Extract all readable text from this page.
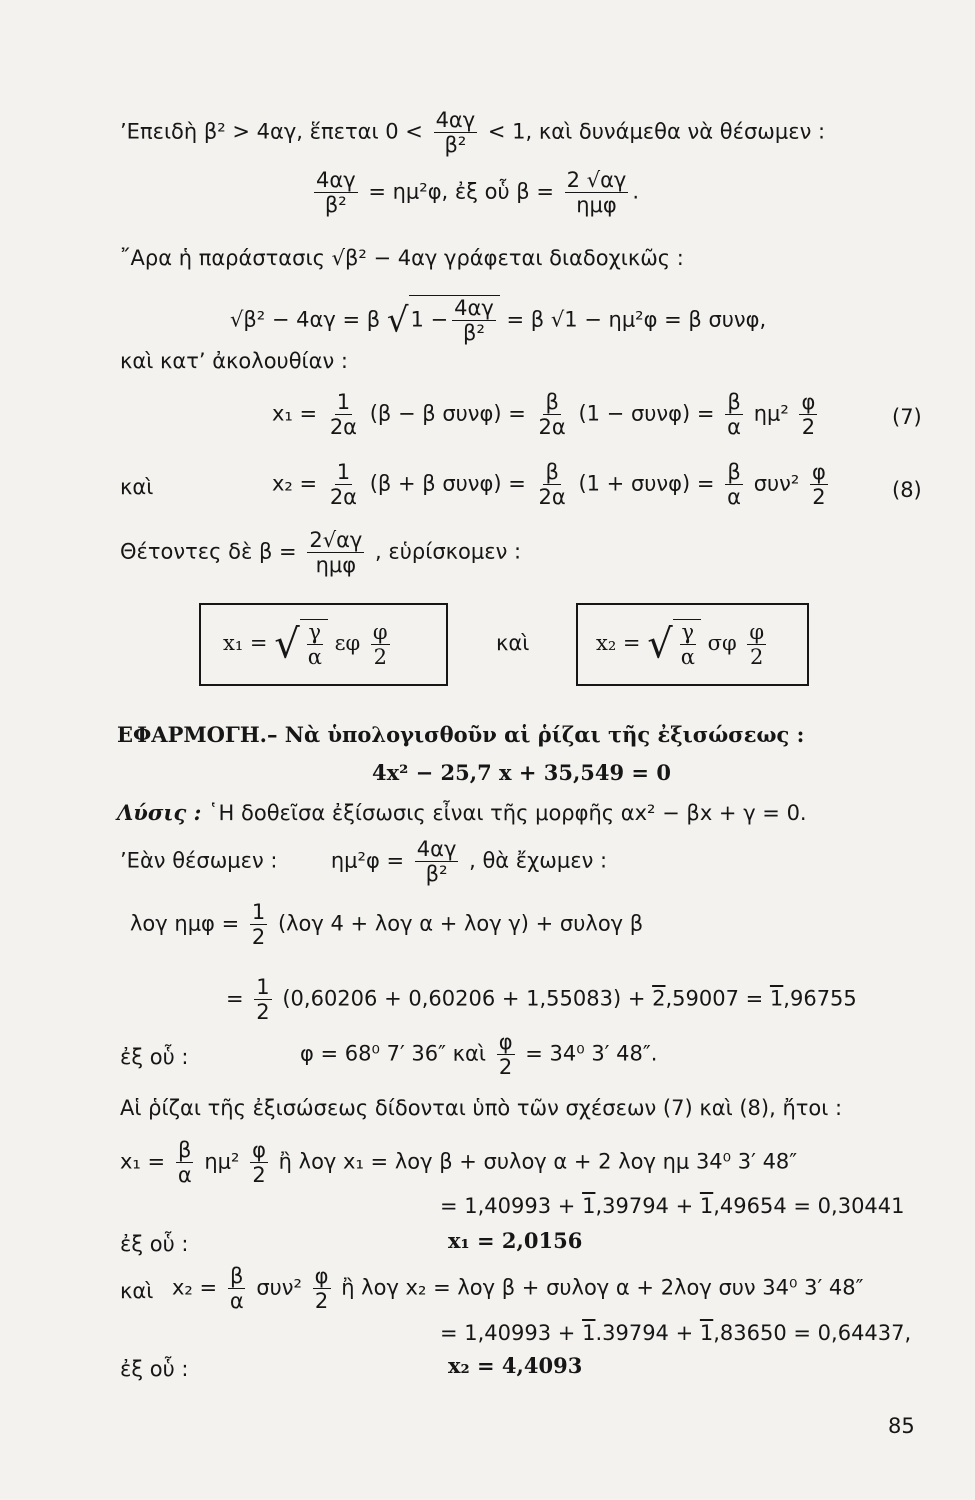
’Επειδὴ β² > 4αγ, ἕπεται $0 < \frac{4\alpha\gamma}{\text{β²}} < 1$, καὶ δυνάμεθα νὰ θέσωμεν :
$\frac{4\alpha\gamma}{\text{β²}} = \eta\mu^2\varphi$, ἐξ οὗ $\beta = \frac{2 √\alpha\gamma}{\text{ημφ}}$ .
῎Αρα ἡ παράστασις √β² − 4αγ γράφεται διαδοχικῶς :
√β² − 4αγ = β $√1 - \frac{4\alpha\gamma}{\text{β²}} = \beta$ √1 − ημ²φ = β συνφ,
καὶ κατ’ ἀκολουθίαν :
$x_1 = \frac{1}{2\alpha} (\beta - \beta$ $\sigma\upsilon\nu\varphi) = \frac{\beta}{2\alpha} (1 - \sigma\upsilon\nu\varphi) = \frac{\beta}{\alpha} \eta\mu^2 \frac{\varphi}{2}$	(7)
καὶ	$x_2 = \frac{1}{2\alpha} (\beta + \beta$ $\sigma\upsilon\nu\varphi) = \frac{\beta}{2\alpha} (1 + \sigma\upsilon\nu\varphi) = \frac{\beta}{\alpha} \sigma\upsilon\nu^2 \frac{\varphi}{2}$	(8)
Θέτοντες δὲ $\beta = \frac{2√\alpha\gamma}{\text{ημφ}}$ , εὑρίσκομεν :
x₁ = √ $\frac{\gamma}{\alpha}$ εφ $\frac{\varphi}{2}$	καὶ	x₂ = √ $\frac{\gamma}{\alpha}$ σφ $\frac{\varphi}{2}$
ΕΦΑΡΜΟΓΗ.– Νὰ ὑπολογισθοῦν αἱ ῥίζαι τῆς ἐξισώσεως :
4x² − 25,7 x + 35,549 = 0
Λύσις : ῾Η δοθεῖσα ἐξίσωσις εἶναι τῆς μορφῆς αx² − βx + γ = 0.
’Εὰν θέσωμεν :	$\eta\mu^2\varphi = \frac{4\alpha\gamma}{\text{β²}}$ , θὰ ἔχωμεν :
λογ $\eta\mu\varphi = \frac{1}{2} (\lambda o\gamma$ 4 + λογ α + λογ γ) + συλογ β
= $\frac{1}{2} (0,60206 + 0,60206 + 1,55083) + 2,59007 = 1,96755$
ἐξ οὗ :	φ = 68⁰ 7′ 36″ καὶ $\frac{\varphi}{2} = 34^0$ 3′ 48″.
Αἱ ῥίζαι τῆς ἐξισώσεως δίδονται ὑπὸ τῶν σχέσεων (7) καὶ (8), ἤτοι :
$x_1 = \frac{\beta}{\alpha} \eta\mu^2 \frac{\varphi}{2}$ ἢ λογ x₁ = λογ β + συλογ α + 2 λογ ημ 34⁰ 3′ 48″
= 1,40993 + 1,39794 + 1,49654 = 0,30441
ἐξ οὗ :	x₁ = 2,0156
καὶ $x_2 = \frac{\beta}{\alpha} \sigma\upsilon\nu^2 \frac{\varphi}{2}$ ἢ λογ x₂ = λογ β + συλογ α + 2λογ συν 34⁰ 3′ 48″
= 1,40993 + 1.39794 + 1,83650 = 0,64437,
ἐξ οὗ :	x₂ = 4,4093
85
